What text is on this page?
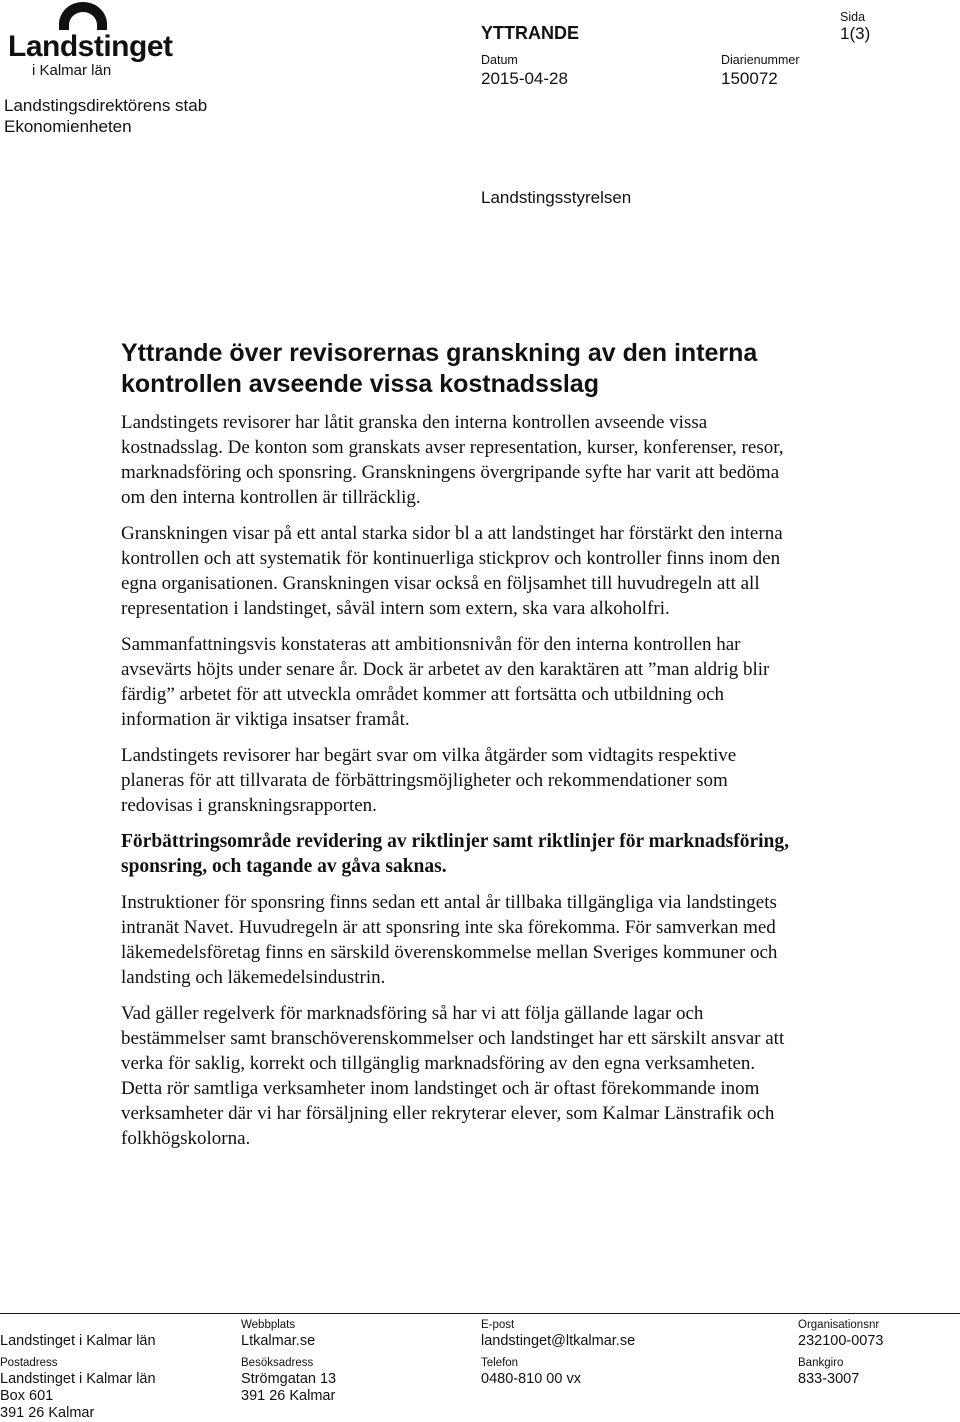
Landstinget
i Kalmar län
Landstingsdirektörens stab
Ekonomienheten
YTTRANDE
Sida
1(3)
Datum
2015-04-28
Diarienummer
150072
Landstingsstyrelsen
Yttrande över revisorernas granskning av den interna
kontrollen avseende vissa kostnadsslag

Landstingets revisorer har låtit granska den interna kontrollen avseende vissa kostnadsslag. De konton som granskats avser representation, kurser, konferenser, resor, marknadsföring och sponsring. Granskningens övergripande syfte har varit att bedöma om den interna kontrollen är tillräcklig.

Granskningen visar på ett antal starka sidor bl a att landstinget har förstärkt den interna kontrollen och att systematik för kontinuerliga stickprov och kontroller finns inom den egna organisationen. Granskningen visar också en följsamhet till huvudregeln att all representation i landstinget, såväl intern som extern, ska vara alkoholfri.

Sammanfattningsvis konstateras att ambitionsnivån för den interna kontrollen har avsevärts höjts under senare år. Dock är arbetet av den karaktären att ”man aldrig blir färdig” arbetet för att utveckla området kommer att fortsätta och utbildning och information är viktiga insatser framåt.

Landstingets revisorer har begärt svar om vilka åtgärder som vidtagits respektive planeras för att tillvarata de förbättringsmöjligheter och rekommendationer som redovisas i granskningsrapporten.

Förbättringsområde revidering av riktlinjer samt riktlinjer för marknadsföring, sponsring, och tagande av gåva saknas.

Instruktioner för sponsring finns sedan ett antal år tillbaka tillgängliga via landstingets intranät Navet. Huvudregeln är att sponsring inte ska förekomma. För samverkan med läkemedelsföretag finns en särskild överenskommelse mellan Sveriges kommuner och landsting och läkemedelsindustrin.

Vad gäller regelverk för marknadsföring så har vi att följa gällande lagar och bestämmelser samt branschöverenskommelser och landstinget har ett särskilt ansvar att verka för saklig, korrekt och tillgänglig marknadsföring av den egna verksamheten. Detta rör samtliga verksamheter inom landstinget och är oftast förekommande inom verksamheter där vi har försäljning eller rekryterar elever, som Kalmar Länstrafik och folkhögskolorna.

Landstinget i Kalmar län
Webbplats
Ltkalmar.se
E-post
landstinget@ltkalmar.se
Organisationsnr
232100-0073
Postadress
Landstinget i Kalmar län
Box 601
391 26 Kalmar
Besöksadress
Strömgatan 13
391 26 Kalmar
Telefon
0480-810 00 vx
Bankgiro
833-3007
